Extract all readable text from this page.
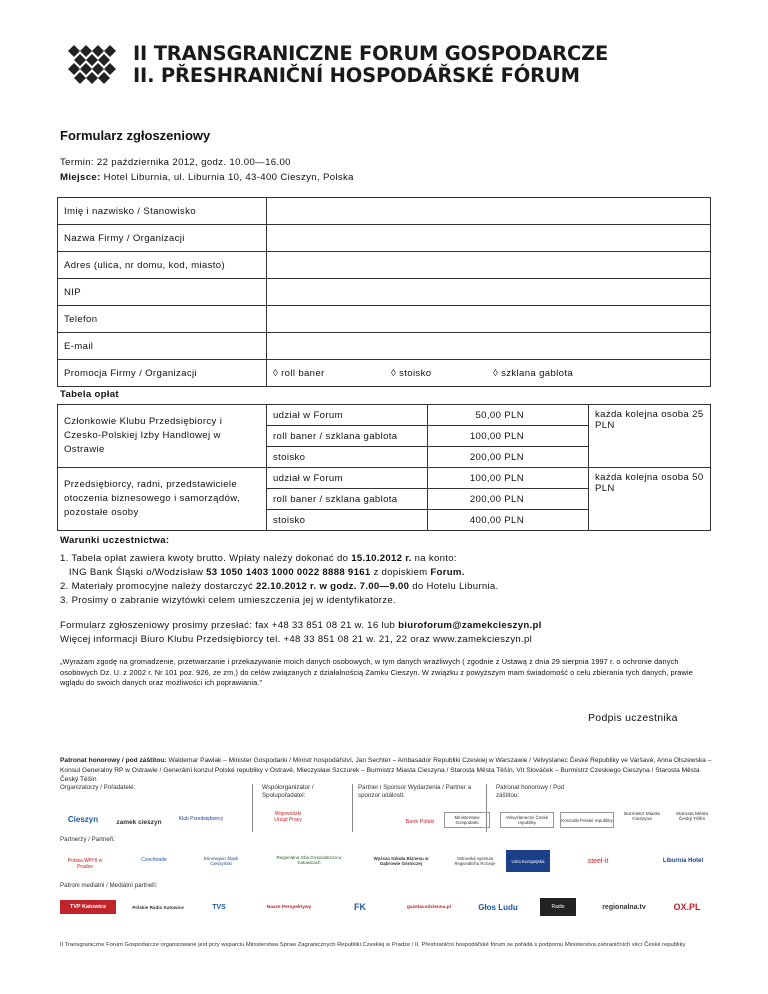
II TRANSGRANICZNE FORUM GOSPODARCZE
II. PŘESHRANIČNÍ HOSPODÁŘSKÉ FÓRUM
Formularz zgłoszeniowy
Termin: 22 października 2012, godz. 10.00—16.00
Miejsce: Hotel Liburnia, ul. Liburnia 10, 43-400 Cieszyn, Polska
Imię i nazwisko / Stanowisko	
Nazwa Firmy / Organizacji	
Adres (ulica, nr domu, kod, miasto)	
NIP	
Telefon	
E-mail	
Promocja Firmy / Organizacji	◊ roll baner ◊ stoisko ◊ szklana gablota
Tabela opłat
Członkowie Klubu Przedsiębiorcy i Czesko-Polskiej Izby Handlowej w Ostrawie	udział w Forum	50,00 PLN	każda kolejna osoba 25 PLN
	roll baner / szklana gablota	100,00 PLN	
	stoisko	200,00 PLN	
Przedsiębiorcy, radni, przedstawiciele otoczenia biznesowego i samorządów, pozostałe osoby	udział w Forum	100,00 PLN	każda kolejna osoba 50 PLN
	roll baner / szklana gablota	200,00 PLN	
	stoisko	400,00 PLN	
Warunki uczestnictwa:
1. Tabela opłat zawiera kwoty brutto. Wpłaty należy dokonać do 15.10.2012 r. na konto:
ING Bank Śląski o/Wodzisław 53 1050 1403 1000 0022 8888 9161 z dopiskiem Forum.
2. Materiały promocyjne należy dostarczyć 22.10.2012 r. w godz. 7.00—9.00 do Hotelu Liburnia.
3. Prosimy o zabranie wizytówki celem umieszczenia jej w identyfikatorze.
Formularz zgłoszeniowy prosimy przesłać: fax +48 33 851 08 21 w. 16 lub biuroforum@zamekcieszyn.pl
Więcej informacji Biuro Klubu Przedsiębiorcy tel. +48 33 851 08 21 w. 21, 22 oraz www.zamekcieszyn.pl
„Wyrażam zgodę na gromadzenie, przetwarzanie i przekazywanie moich danych osobowych, w tym danych wrażliwych ( zgodnie z Ustawą z dnia 29 sierpnia 1997 r. o ochronie danych osobowych Dz. U. z 2002 r. Nr 101 poz. 926, ze zm.) do celów związanych z działalnością Zamku Cieszyn. W związku z powyższym mam świadomość o celu zbierania tych danych, prawie wglądu do swoich danych oraz możliwości ich poprawiania.”
Podpis uczestnika
Patronat honorowy / pod záštitou: Waldemar Pawlak – Minister Gospodarki / Ministr hospodářství, Jan Sechter – Ambasador Republiki Czeskiej w Warszawie / Velvyslanec České Republiky ve Varšavě, Anna Olszewska – Konsul Generalny RP w Ostrawie / Generální konzul Polské republiky v Ostravě, Mieczysław Szczurek – Burmistrz Miasta Cieszyna / Starosta Města Těšín, Vít Slováček – Burmistrz Czeskiego Cieszyna / Starosta Města Český Těšín
Organizatorzy / Pořadatelé:	Współorganizator / Spolupořadatel:
Partner i Sponsor Wydarzenia / Partner a sponzor události:
Patronat honorowy / Pod záštitou:
Cieszyn	zamek cieszyn	Klub Przedsiębiorcy
Wojewódzki Urząd Pracy	Bank Polski
Ministerstwo Gospodarki
Velvyslanectví České republiky	Konzulát Polské republiky
Burmistrz Miasta Cieszyna
Starosta Města Český Těšín
Partnerzy / Partneři:
Polska WPHI w Pradze
Czechtrade	Euroregion Śląsk Cieszyński
Regionalna Izba Gospodarcza w Katowicach
Wyższa Szkoła Biznesu w Dąbrowie Górniczej
Ostravská Agentura Regionálního Rozvoje	Unia Europejska	steel-it	Liburnia Hotel
Patroni medialni / Mediální partneři:
TVP Katowice	Polskie Radio Katowice	TVS	Nasze Perspektywy	FK	gazetacodzienna.pl	Głos Ludu	Radio	regionalna.tv	OX.PL
II Transgraniczne Forum Gospodarcze organizowane jest przy wsparciu Ministerstwa Spraw Zagranicznych Republiki Czeskiej w Pradze / II. Přeshraniční hospodářské fórum se pořádá s podporou Ministerstva zahraničních věcí České republiky
